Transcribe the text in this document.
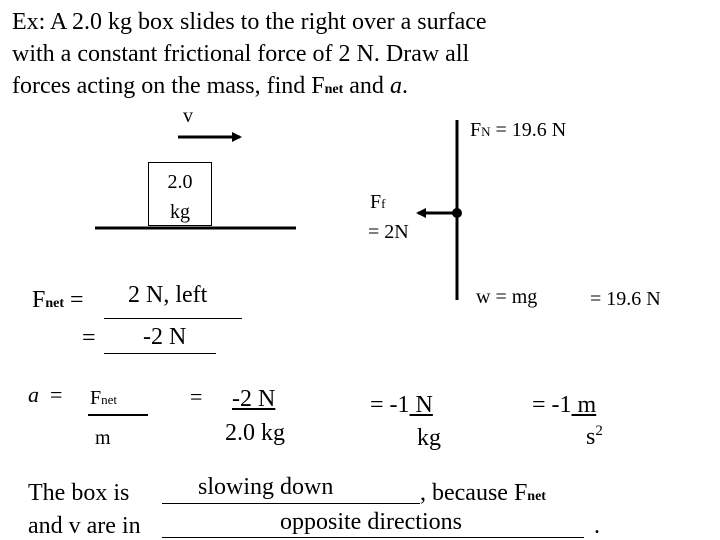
Ex: A 2.0 kg box slides to the right over a surface
with a constant frictional force of 2 N. Draw all
forces acting on the mass, find Fnet and a.
v
2.0
kg
FN = 19.6 N
Ff
= 2N
w = mg	= 19.6 N
Fnet = 2 N, left
= -2 N
a = Fnet
m
= -2 N
2.0 kg
= -1 N
kg
= -1 m
$s^2$
The box is	slowing down	, because Fnet
and v are in	opposite directions	.
